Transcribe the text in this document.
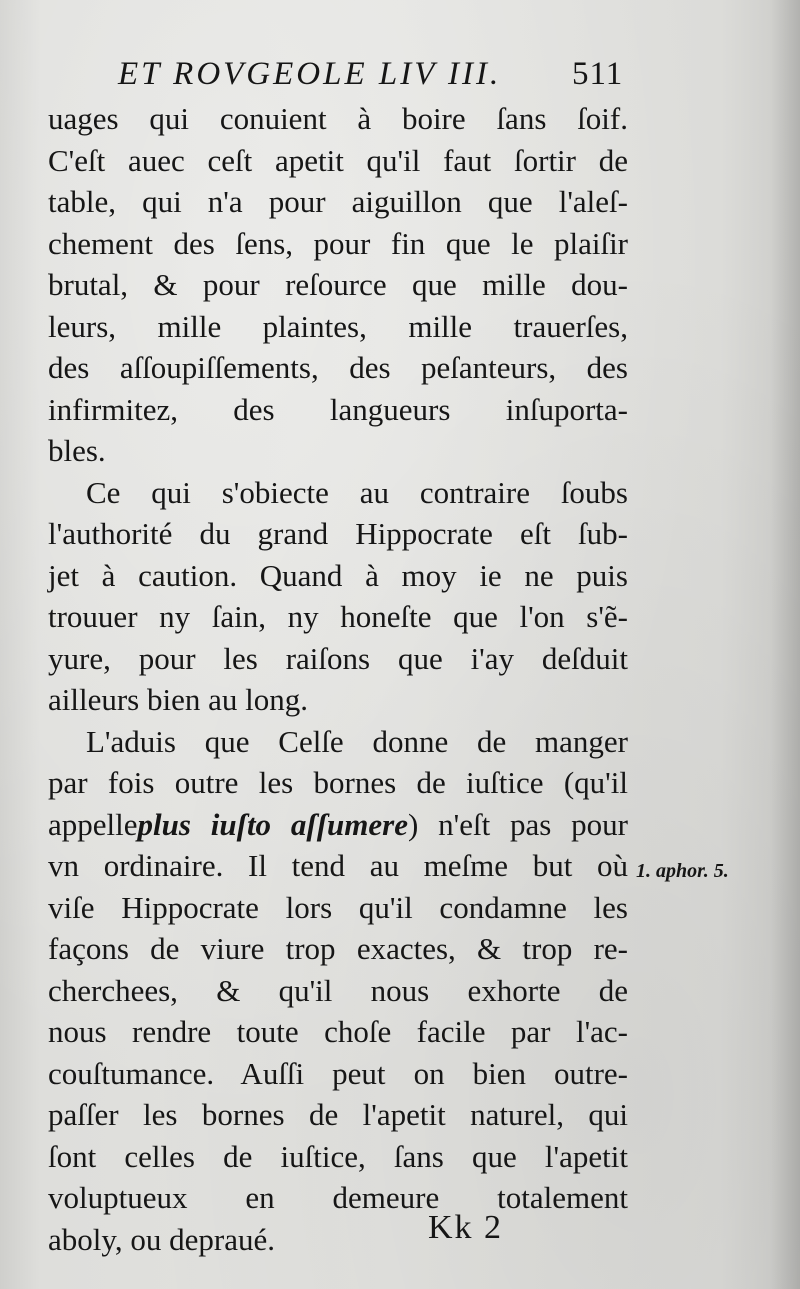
ET ROVGEOLE LIV III.	511
uages qui conuient à boire ſans ſoif.
C'eſt auec ceſt apetit qu'il faut ſortir de
table, qui n'a pour aiguillon que l'aleſ-
chement des ſens, pour fin que le plaiſir
brutal, & pour reſource que mille dou-
leurs, mille plaintes, mille trauerſes,
des aſſoupiſſements, des peſanteurs, des
infirmitez, des langueurs inſuporta-
bles.
Ce qui s'obiecte au contraire ſoubs
l'authorité du grand Hippocrate eſt ſub-
jet à caution. Quand à moy ie ne puis
trouuer ny ſain, ny honeſte que l'on s'ẽ-
yure, pour les raiſons que i'ay deſduit
ailleurs bien au long.
L'aduis que Celſe donne de manger
par fois outre les bornes de iuſtice (qu'il
appelleplus iuſto aſſumere) n'eſt pas pour
vn ordinaire. Il tend au meſme but où
viſe Hippocrate lors qu'il condamne les
façons de viure trop exactes, & trop re-
cherchees, & qu'il nous exhorte de
nous rendre toute choſe facile par l'ac-
couſtumance. Auſſi peut on bien outre-
paſſer les bornes de l'apetit naturel, qui
ſont celles de iuſtice, ſans que l'apetit
voluptueux en demeure totalement
aboly, ou depraué.
1. aphor. 5.
Kk 2
